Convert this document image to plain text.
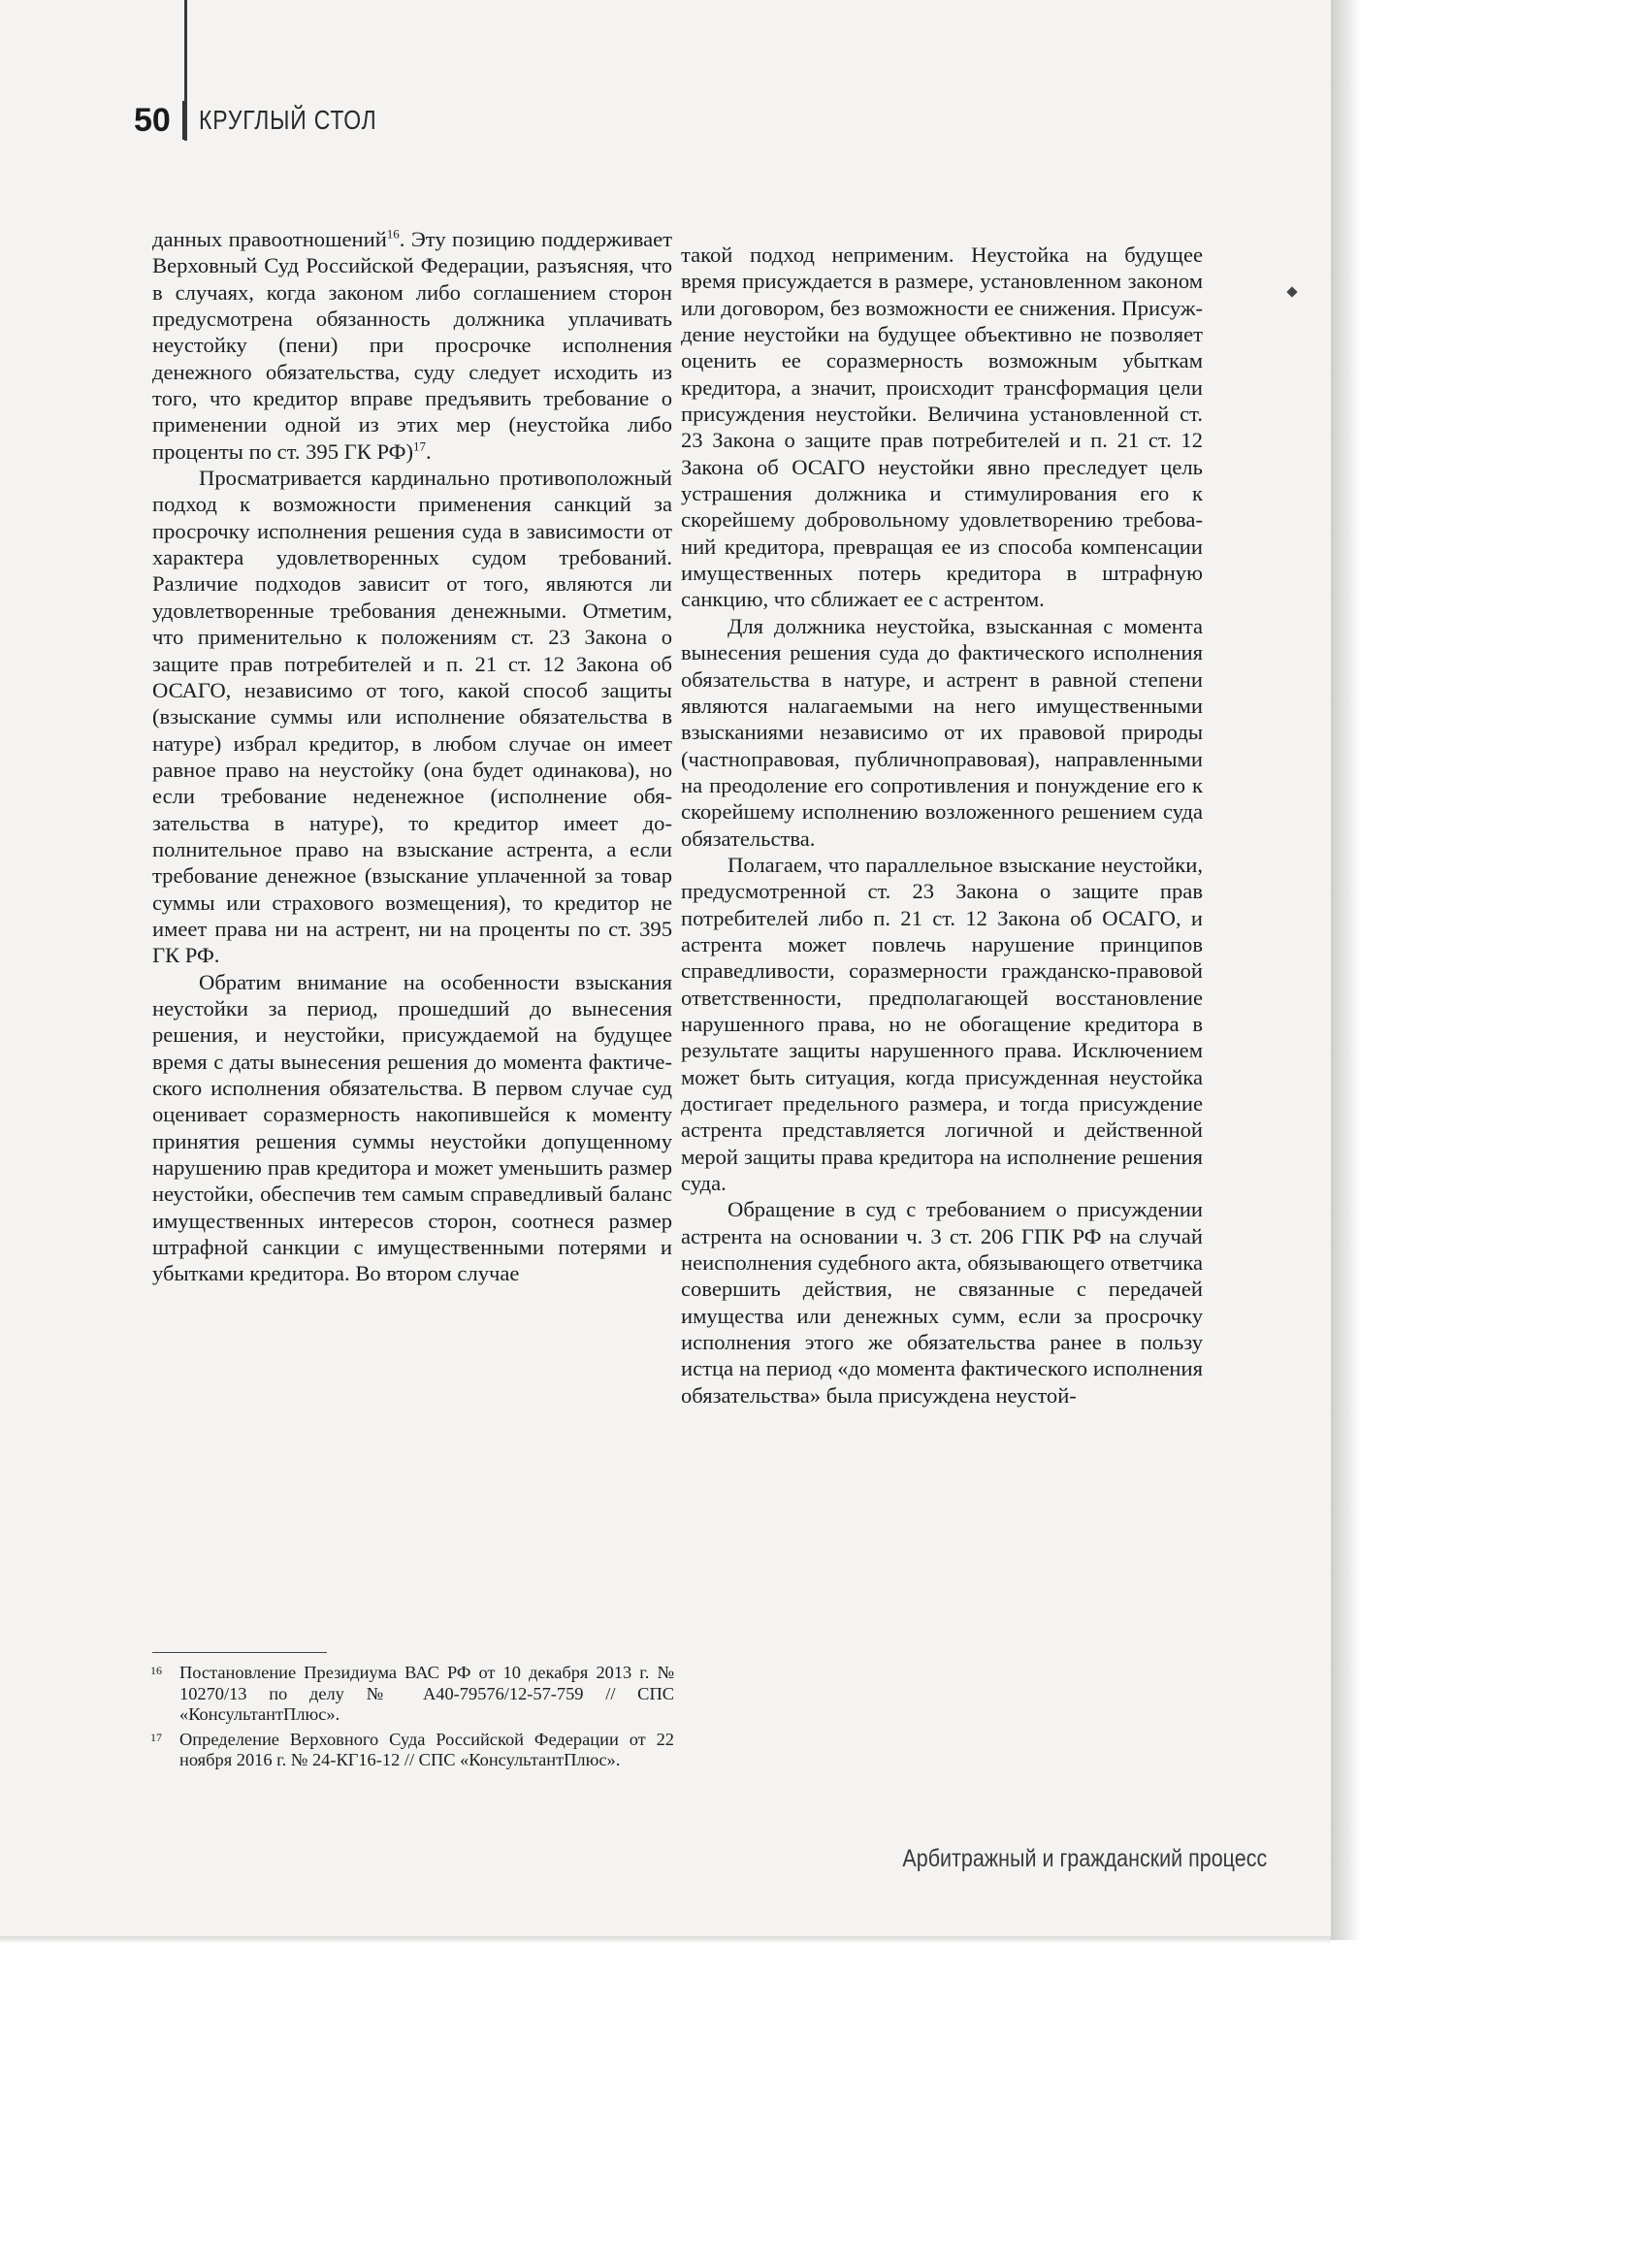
50 КРУГЛЫЙ СТОЛ

данных правоотношений$^{16}$. Эту позицию поддерживает Верховный Суд Российской Федерации, разъясняя, что в случаях, когда законом либо соглашением сторон предусмотрена обязанность должника уплачивать неустойку (пени) при просрочке исполнения денежного обязательства, суду следует исходить из того, что кредитор вправе предъявить требование о применении одной из этих мер (неустойка либо проценты по ст. 395 ГК РФ)$^{17}$.

Просматривается кардинально противоположный подход к возможности применения санкций за просрочку исполнения решения суда в зависимости от характера удовлетворенных судом требований. Различие подходов зависит от того, являются ли удовлетворенные требования денежными. Отметим, что применительно к положениям ст. 23 Закона о защите прав потребителей и п. 21 ст. 12 Закона об ОСАГО, независимо от того, какой способ защиты (взыскание суммы или исполнение обязательства в натуре) избрал кредитор, в любом случае он имеет равное право на неустойку (она будет одинакова), но если требование неденежное (исполнение обязательства в натуре), то кредитор имеет дополнительное право на взыскание астрента, а если требование денежное (взыскание уплаченной за товар суммы или страхового возмещения), то кредитор не имеет права ни на астрент, ни на проценты по ст. 395 ГК РФ.

Обратим внимание на особенности взыскания неустойки за период, прошедший до вынесения решения, и неустойки, присуждаемой на будущее время с даты вынесения решения до момента фактического исполнения обязательства. В первом случае суд оценивает соразмерность накопившейся к моменту принятия решения суммы неустойки допущенному нарушению прав кредитора и может уменьшить размер неустойки, обеспечив тем самым справедливый баланс имущественных интересов сторон, соотнеся размер штрафной санкции с имущественными потерями и убытками кредитора. Во втором случае

16 Постановление Президиума ВАС РФ от 10 декабря 2013 г. № 10270/13 по делу № А40-79576/12-57-759 // СПС «КонсультантПлюс».
17 Определение Верховного Суда Российской Федерации от 22 ноября 2016 г. № 24-КГ16-12 // СПС «КонсультантПлюс».

такой подход неприменим. Неустойка на будущее время присуждается в размере, установленном законом или договором, без возможности ее снижения. Присуждение неустойки на будущее объективно не позволяет оценить ее соразмерность возможным убыткам кредитора, а значит, происходит трансформация цели присуждения неустойки. Величина установленной ст. 23 Закона о защите прав потребителей и п. 21 ст. 12 Закона об ОСАГО неустойки явно преследует цель устрашения должника и стимулирования его к скорейшему добровольному удовлетворению требований кредитора, превращая ее из способа компенсации имущественных потерь кредитора в штрафную санкцию, что сближает ее с астрентом.

Для должника неустойка, взысканная с момента вынесения решения суда до фактического исполнения обязательства в натуре, и астрент в равной степени являются налагаемыми на него имущественными взысканиями независимо от их правовой природы (частноправовая, публичноправовая), направленными на преодоление его сопротивления и понуждение его к скорейшему исполнению возложенного решением суда обязательства.

Полагаем, что параллельное взыскание неустойки, предусмотренной ст. 23 Закона о защите прав потребителей либо п. 21 ст. 12 Закона об ОСАГО, и астрента может повлечь нарушение принципов справедливости, соразмерности гражданско-правовой ответственности, предполагающей восстановление нарушенного права, но не обогащение кредитора в результате защиты нарушенного права. Исключением может быть ситуация, когда присужденная неустойка достигает предельного размера, и тогда присуждение астрента представляется логичной и действенной мерой защиты права кредитора на исполнение решения суда.

Обращение в суд с требованием о присуждении астрента на основании ч. 3 ст. 206 ГПК РФ на случай неисполнения судебного акта, обязывающего ответчика совершить действия, не связанные с передачей имущества или денежных сумм, если за просрочку исполнения этого же обязательства ранее в пользу истца на период «до момента фактического исполнения обязательства» была присуждена неустой-

Арбитражный и гражданский процесс
